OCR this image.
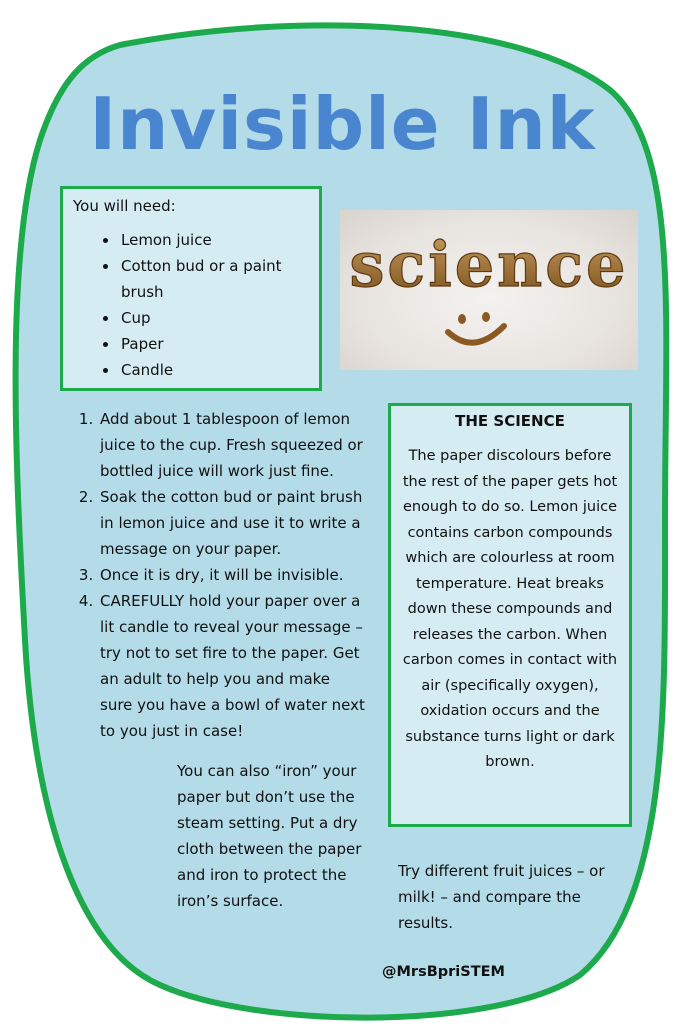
Invisible Ink

You will need:

• Lemon juice
• Cotton bud or a paint brush
• Cup
• Paper
• Candle
science
1. Add about 1 tablespoon of lemon juice to the cup. Fresh squeezed or bottled juice will work just fine.
2. Soak the cotton bud or paint brush in lemon juice and use it to write a message on your paper.
3. Once it is dry, it will be invisible.
4. CAREFULLY hold your paper over a lit candle to reveal your message – try not to set fire to the paper. Get an adult to help you and make sure you have a bowl of water next to you just in case!

You can also “iron” your paper but don’t use the steam setting. Put a dry cloth between the paper and iron to protect the iron’s surface.

THE SCIENCE

The paper discolours before the rest of the paper gets hot enough to do so. Lemon juice contains carbon compounds which are colourless at room temperature. Heat breaks down these compounds and releases the carbon. When carbon comes in contact with air (specifically oxygen), oxidation occurs and the substance turns light or dark brown.

Try different fruit juices – or milk! – and compare the results.

@MrsBpriSTEM
